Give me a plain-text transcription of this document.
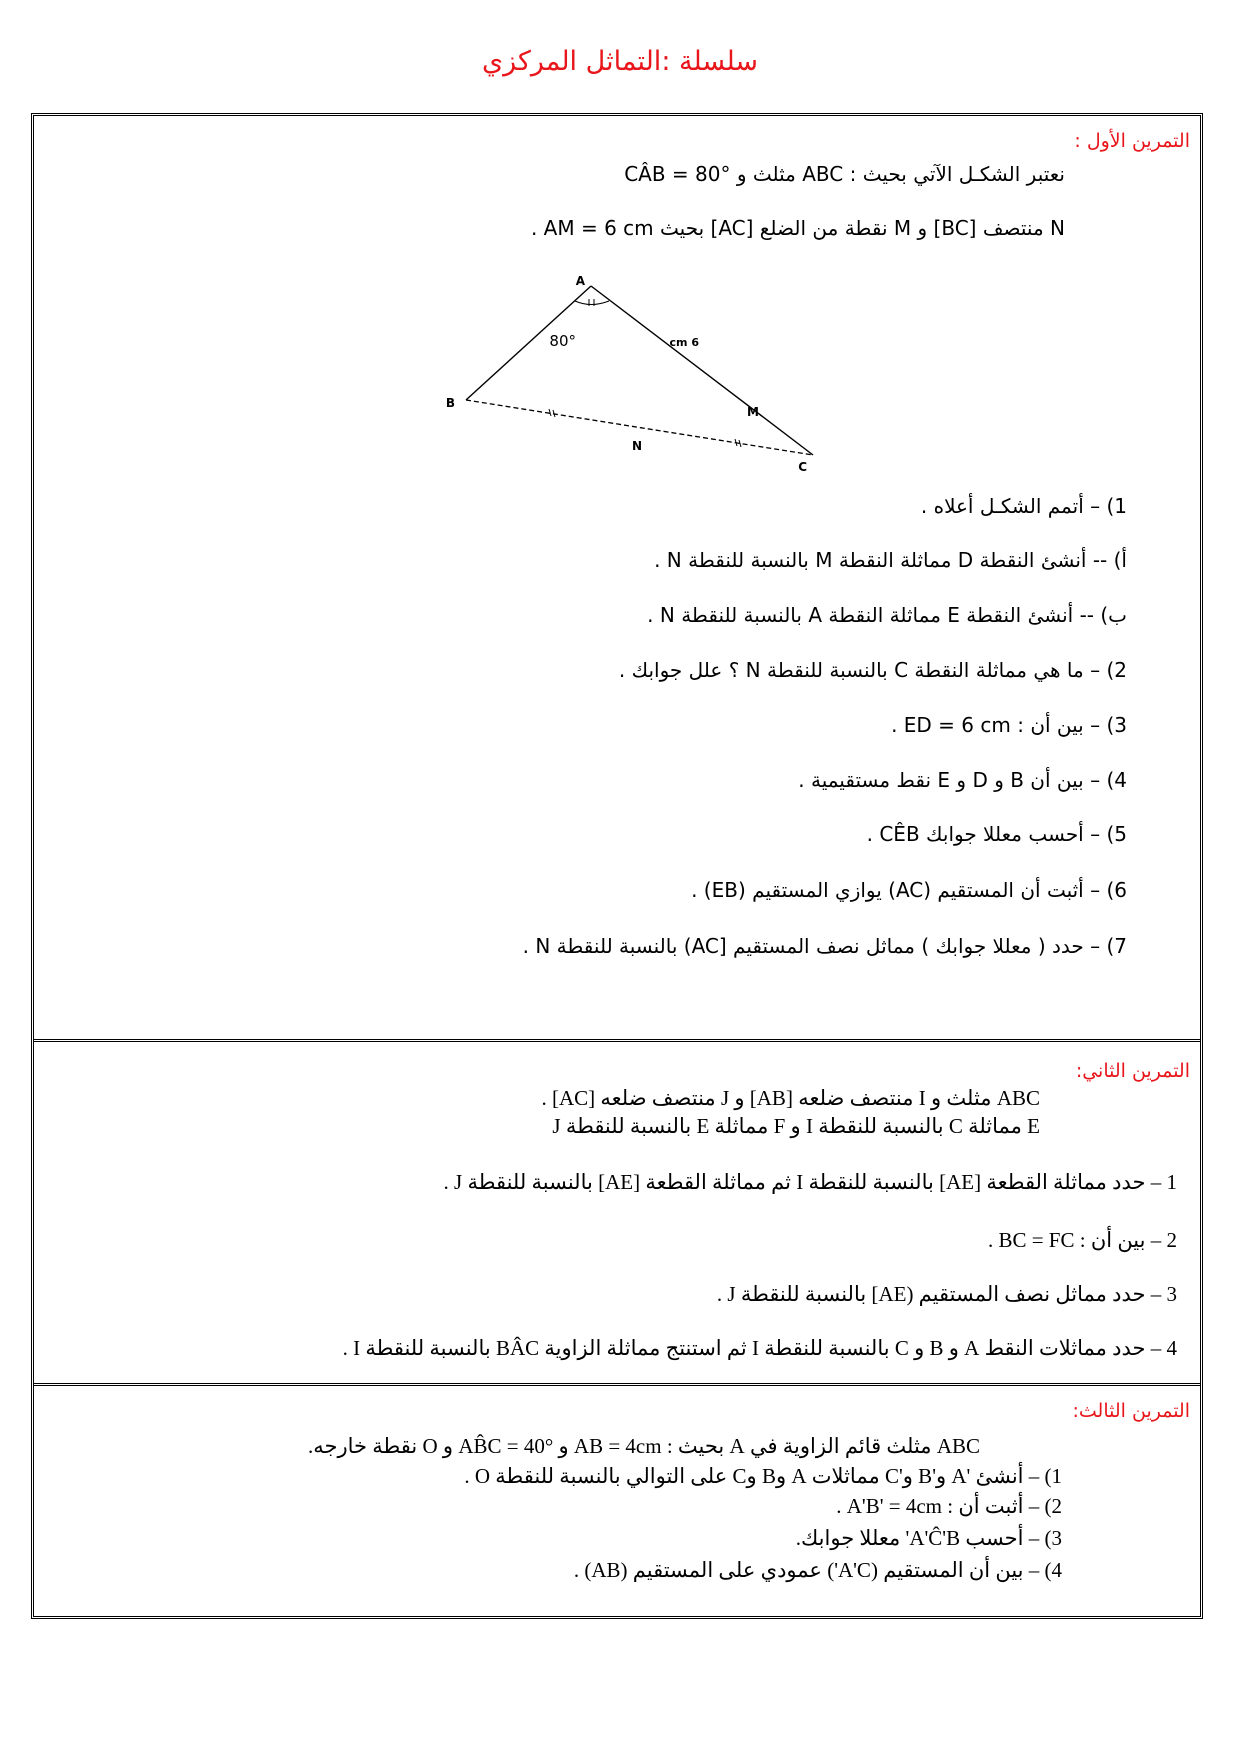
سلسلة :التماثل المركزي
التمرين الأول :
نعتبر الشكـل الآتي بحيث : ABC مثلث و CÂB = 80°
N منتصف [BC] و M نقطة من الضلع [AC] بحيث AM = 6 cm .
A
B
C
M
N
80°	6 cm
1) – أتمم الشكـل أعلاه .
أ) -- أنشئ النقطة D مماثلة النقطة M بالنسبة للنقطة N .
ب) -- أنشئ النقطة E مماثلة النقطة A بالنسبة للنقطة N .
2) – ما هي مماثلة النقطة C بالنسبة للنقطة N ؟ علل جوابك .
3) – بين أن : ED = 6 cm .
4) – بين أن B و D و E نقط مستقيمية .
5) – أحسب معللا جوابك CÊB .
6) – أثبت أن المستقيم (AC) يوازي المستقيم (EB) .
7) – حدد ( معللا جوابك ) مماثل نصف المستقيم [AC) بالنسبة للنقطة N .
التمرين الثاني:
ABC مثلث و I منتصف ضلعه [AB] و J منتصف ضلعه [AC] .
E مماثلة C بالنسبة للنقطة I و F مماثلة E بالنسبة للنقطة J
1 – حدد مماثلة القطعة [AE] بالنسبة للنقطة I ثم مماثلة القطعة [AE] بالنسبة للنقطة J .
2 – بين أن : BC = FC .
3 – حدد مماثل نصف المستقيم (AE] بالنسبة للنقطة J .
4 – حدد مماثلات النقط A و B و C بالنسبة للنقطة I ثم استنتج مماثلة الزاوية BÂC بالنسبة للنقطة I .
التمرين الثالث:
ABC مثلث قائم الزاوية في A بحيث : AB = 4cm و AB̂C = 40° و O نقطة خارجه.
1) – أنشئ 'A و'B و'C مماثلات A وB وC على التوالي بالنسبة للنقطة O .
2) – أثبت أن : A'B' = 4cm .
3) – أحسب A'Ĉ'B' معللا جوابك.
4) – بين أن المستقيم (A'C') عمودي على المستقيم (AB) .
